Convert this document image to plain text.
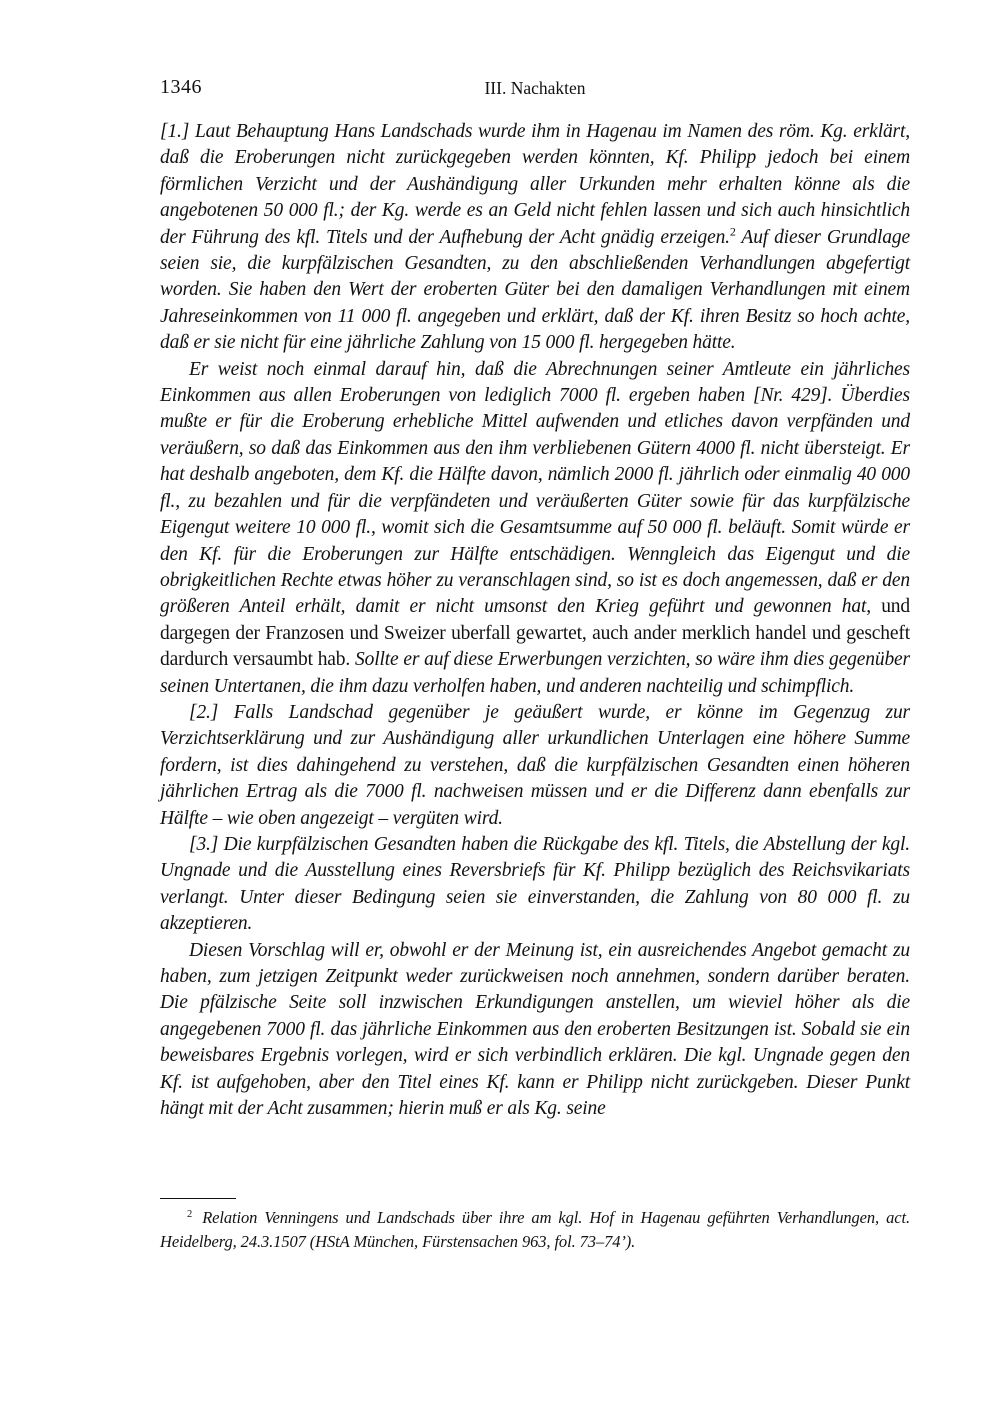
1346	III. Nachakten

[1.] Laut Behauptung Hans Landschads wurde ihm in Hagenau im Namen des röm. Kg. erklärt, daß die Eroberungen nicht zurückgegeben werden könnten, Kf. Philipp jedoch bei einem förmlichen Verzicht und der Aushändigung aller Urkunden mehr erhalten könne als die angebotenen 50 000 fl.; der Kg. werde es an Geld nicht fehlen lassen und sich auch hinsichtlich der Führung des kfl. Titels und der Aufhebung der Acht gnädig erzeigen.$^2$ Auf dieser Grundlage seien sie, die kurpfälzischen Gesandten, zu den abschließenden Verhandlungen abgefertigt worden. Sie haben den Wert der eroberten Güter bei den damaligen Verhandlungen mit einem Jahreseinkommen von 11 000 fl. angegeben und erklärt, daß der Kf. ihren Besitz so hoch achte, daß er sie nicht für eine jährliche Zahlung von 15 000 fl. hergegeben hätte.

Er weist noch einmal darauf hin, daß die Abrechnungen seiner Amtleute ein jährliches Einkommen aus allen Eroberungen von lediglich 7000 fl. ergeben haben [Nr. 429]. Überdies mußte er für die Eroberung erhebliche Mittel aufwenden und etliches davon verpfänden und veräußern, so daß das Einkommen aus den ihm verbliebenen Gütern 4000 fl. nicht übersteigt. Er hat deshalb angeboten, dem Kf. die Hälfte davon, nämlich 2000 fl. jährlich oder einmalig 40 000 fl., zu bezahlen und für die verpfändeten und veräußerten Güter sowie für das kurpfälzische Eigengut weitere 10 000 fl., womit sich die Gesamtsumme auf 50 000 fl. beläuft. Somit würde er den Kf. für die Eroberungen zur Hälfte entschädigen. Wenngleich das Eigengut und die obrigkeitlichen Rechte etwas höher zu veranschlagen sind, so ist es doch angemessen, daß er den größeren Anteil erhält, damit er nicht umsonst den Krieg geführt und gewonnen hat, und dargegen der Franzosen und Sweizer uberfall gewartet, auch ander merklich handel und gescheft dardurch versaumbt hab. Sollte er auf diese Erwerbungen verzichten, so wäre ihm dies gegenüber seinen Untertanen, die ihm dazu verholfen haben, und anderen nachteilig und schimpflich.

[2.] Falls Landschad gegenüber je geäußert wurde, er könne im Gegenzug zur Verzichtserklärung und zur Aushändigung aller urkundlichen Unterlagen eine höhere Summe fordern, ist dies dahingehend zu verstehen, daß die kurpfälzischen Gesandten einen höheren jährlichen Ertrag als die 7000 fl. nachweisen müssen und er die Differenz dann ebenfalls zur Hälfte – wie oben angezeigt – vergüten wird.

[3.] Die kurpfälzischen Gesandten haben die Rückgabe des kfl. Titels, die Abstellung der kgl. Ungnade und die Ausstellung eines Reversbriefs für Kf. Philipp bezüglich des Reichsvikariats verlangt. Unter dieser Bedingung seien sie einverstanden, die Zahlung von 80 000 fl. zu akzeptieren.

Diesen Vorschlag will er, obwohl er der Meinung ist, ein ausreichendes Angebot gemacht zu haben, zum jetzigen Zeitpunkt weder zurückweisen noch annehmen, sondern darüber beraten. Die pfälzische Seite soll inzwischen Erkundigungen anstellen, um wieviel höher als die angegebenen 7000 fl. das jährliche Einkommen aus den eroberten Besitzungen ist. Sobald sie ein beweisbares Ergebnis vorlegen, wird er sich verbindlich erklären. Die kgl. Ungnade gegen den Kf. ist aufgehoben, aber den Titel eines Kf. kann er Philipp nicht zurückgeben. Dieser Punkt hängt mit der Acht zusammen; hierin muß er als Kg. seine

$^2$ Relation Venningens und Landschads über ihre am kgl. Hof in Hagenau geführten Verhandlungen, act. Heidelberg, 24.3.1507 (HStA München, Fürstensachen 963, fol. 73–74’).
